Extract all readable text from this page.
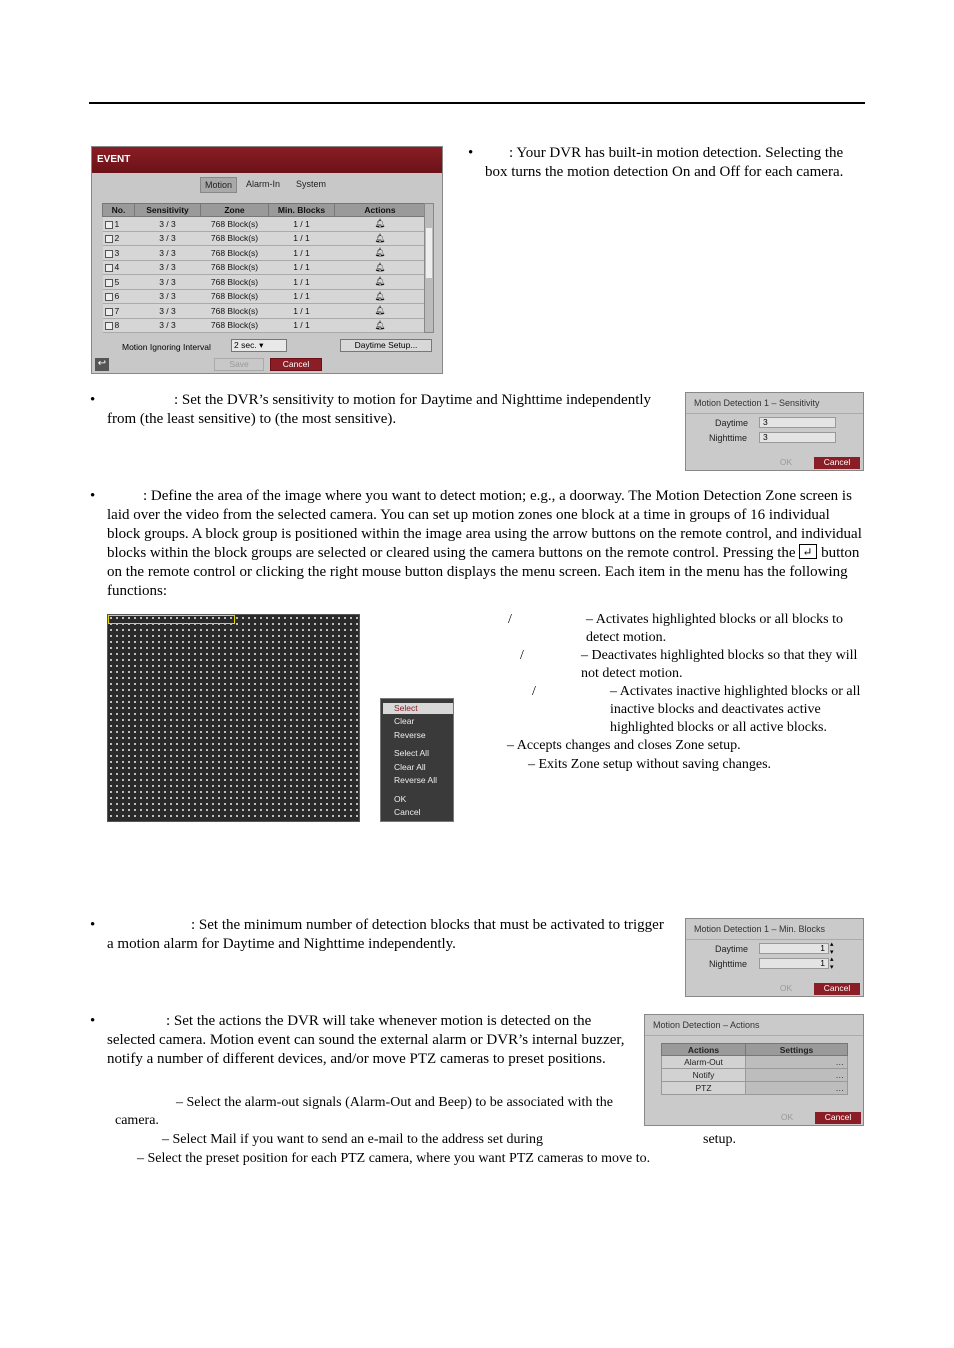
EVENT
Motion	Alarm-In	System
No.	Sensitivity	Zone	Min. Blocks	Actions
1	3 / 3	768 Block(s)	1 / 1	🔔︎
2	3 / 3	768 Block(s)	1 / 1	🔔︎
3	3 / 3	768 Block(s)	1 / 1	🔔︎
4	3 / 3	768 Block(s)	1 / 1	🔔︎
5	3 / 3	768 Block(s)	1 / 1	🔔︎
6	3 / 3	768 Block(s)	1 / 1	🔔︎
7	3 / 3	768 Block(s)	1 / 1	🔔︎
8	3 / 3	768 Block(s)	1 / 1	🔔︎
Motion Ignoring Interval	2 sec. ▾	Daytime Setup...
Save	Cancel
↩
• : Your DVR has built-in motion detection. Selecting the box turns the motion detection On and Off for each camera.
•	: Set the DVR’s sensitivity to motion for Daytime and Nighttime independently from (the least sensitive) to (the most sensitive).
Motion Detection 1 – Sensitivity
Daytime	3
Nighttime	3
OK	Cancel
•	: Define the area of the image where you want to detect motion; e.g., a doorway. The Motion Detection Zone screen is laid over the video from the selected camera. You can set up motion zones one block at a time in groups of 16 individual block groups. A block group is positioned within the image area using the arrow buttons on the remote control, and individual blocks within the block groups are selected or cleared using the camera buttons on the remote control. Pressing the ↵ button on the remote control or clicking the right mouse button displays the menu screen. Each item in the menu has the following functions:
Select
Clear
Reverse
Select All
Clear All
Reverse All
OK
Cancel
/	– Activates highlighted blocks or all blocks to detect motion.
/	– Deactivates highlighted blocks so that they will not detect motion.
/	– Activates inactive highlighted blocks or all inactive blocks and deactivates active highlighted blocks or all active blocks.
– Accepts changes and closes Zone setup.
– Exits Zone setup without saving changes.
•	: Set the minimum number of detection blocks that must be activated to trigger a motion alarm for Daytime and Nighttime independently.
Motion Detection 1 – Min. Blocks
Daytime	1 ▴
▾
Nighttime	1 ▴
▾
OK	Cancel
•	: Set the actions the DVR will take whenever motion is detected on the selected camera. Motion event can sound the external alarm or DVR’s internal buzzer, notify a number of different devices, and/or move PTZ cameras to preset positions.
– Select the alarm-out signals (Alarm-Out and Beep) to be associated with the camera.
– Select Mail if you want to send an e-mail to the address set during	setup.
– Select the preset position for each PTZ camera, where you want PTZ cameras to move to.
Motion Detection – Actions
Actions	Settings
Alarm-Out	…
Notify	…
PTZ	…
OK	Cancel
